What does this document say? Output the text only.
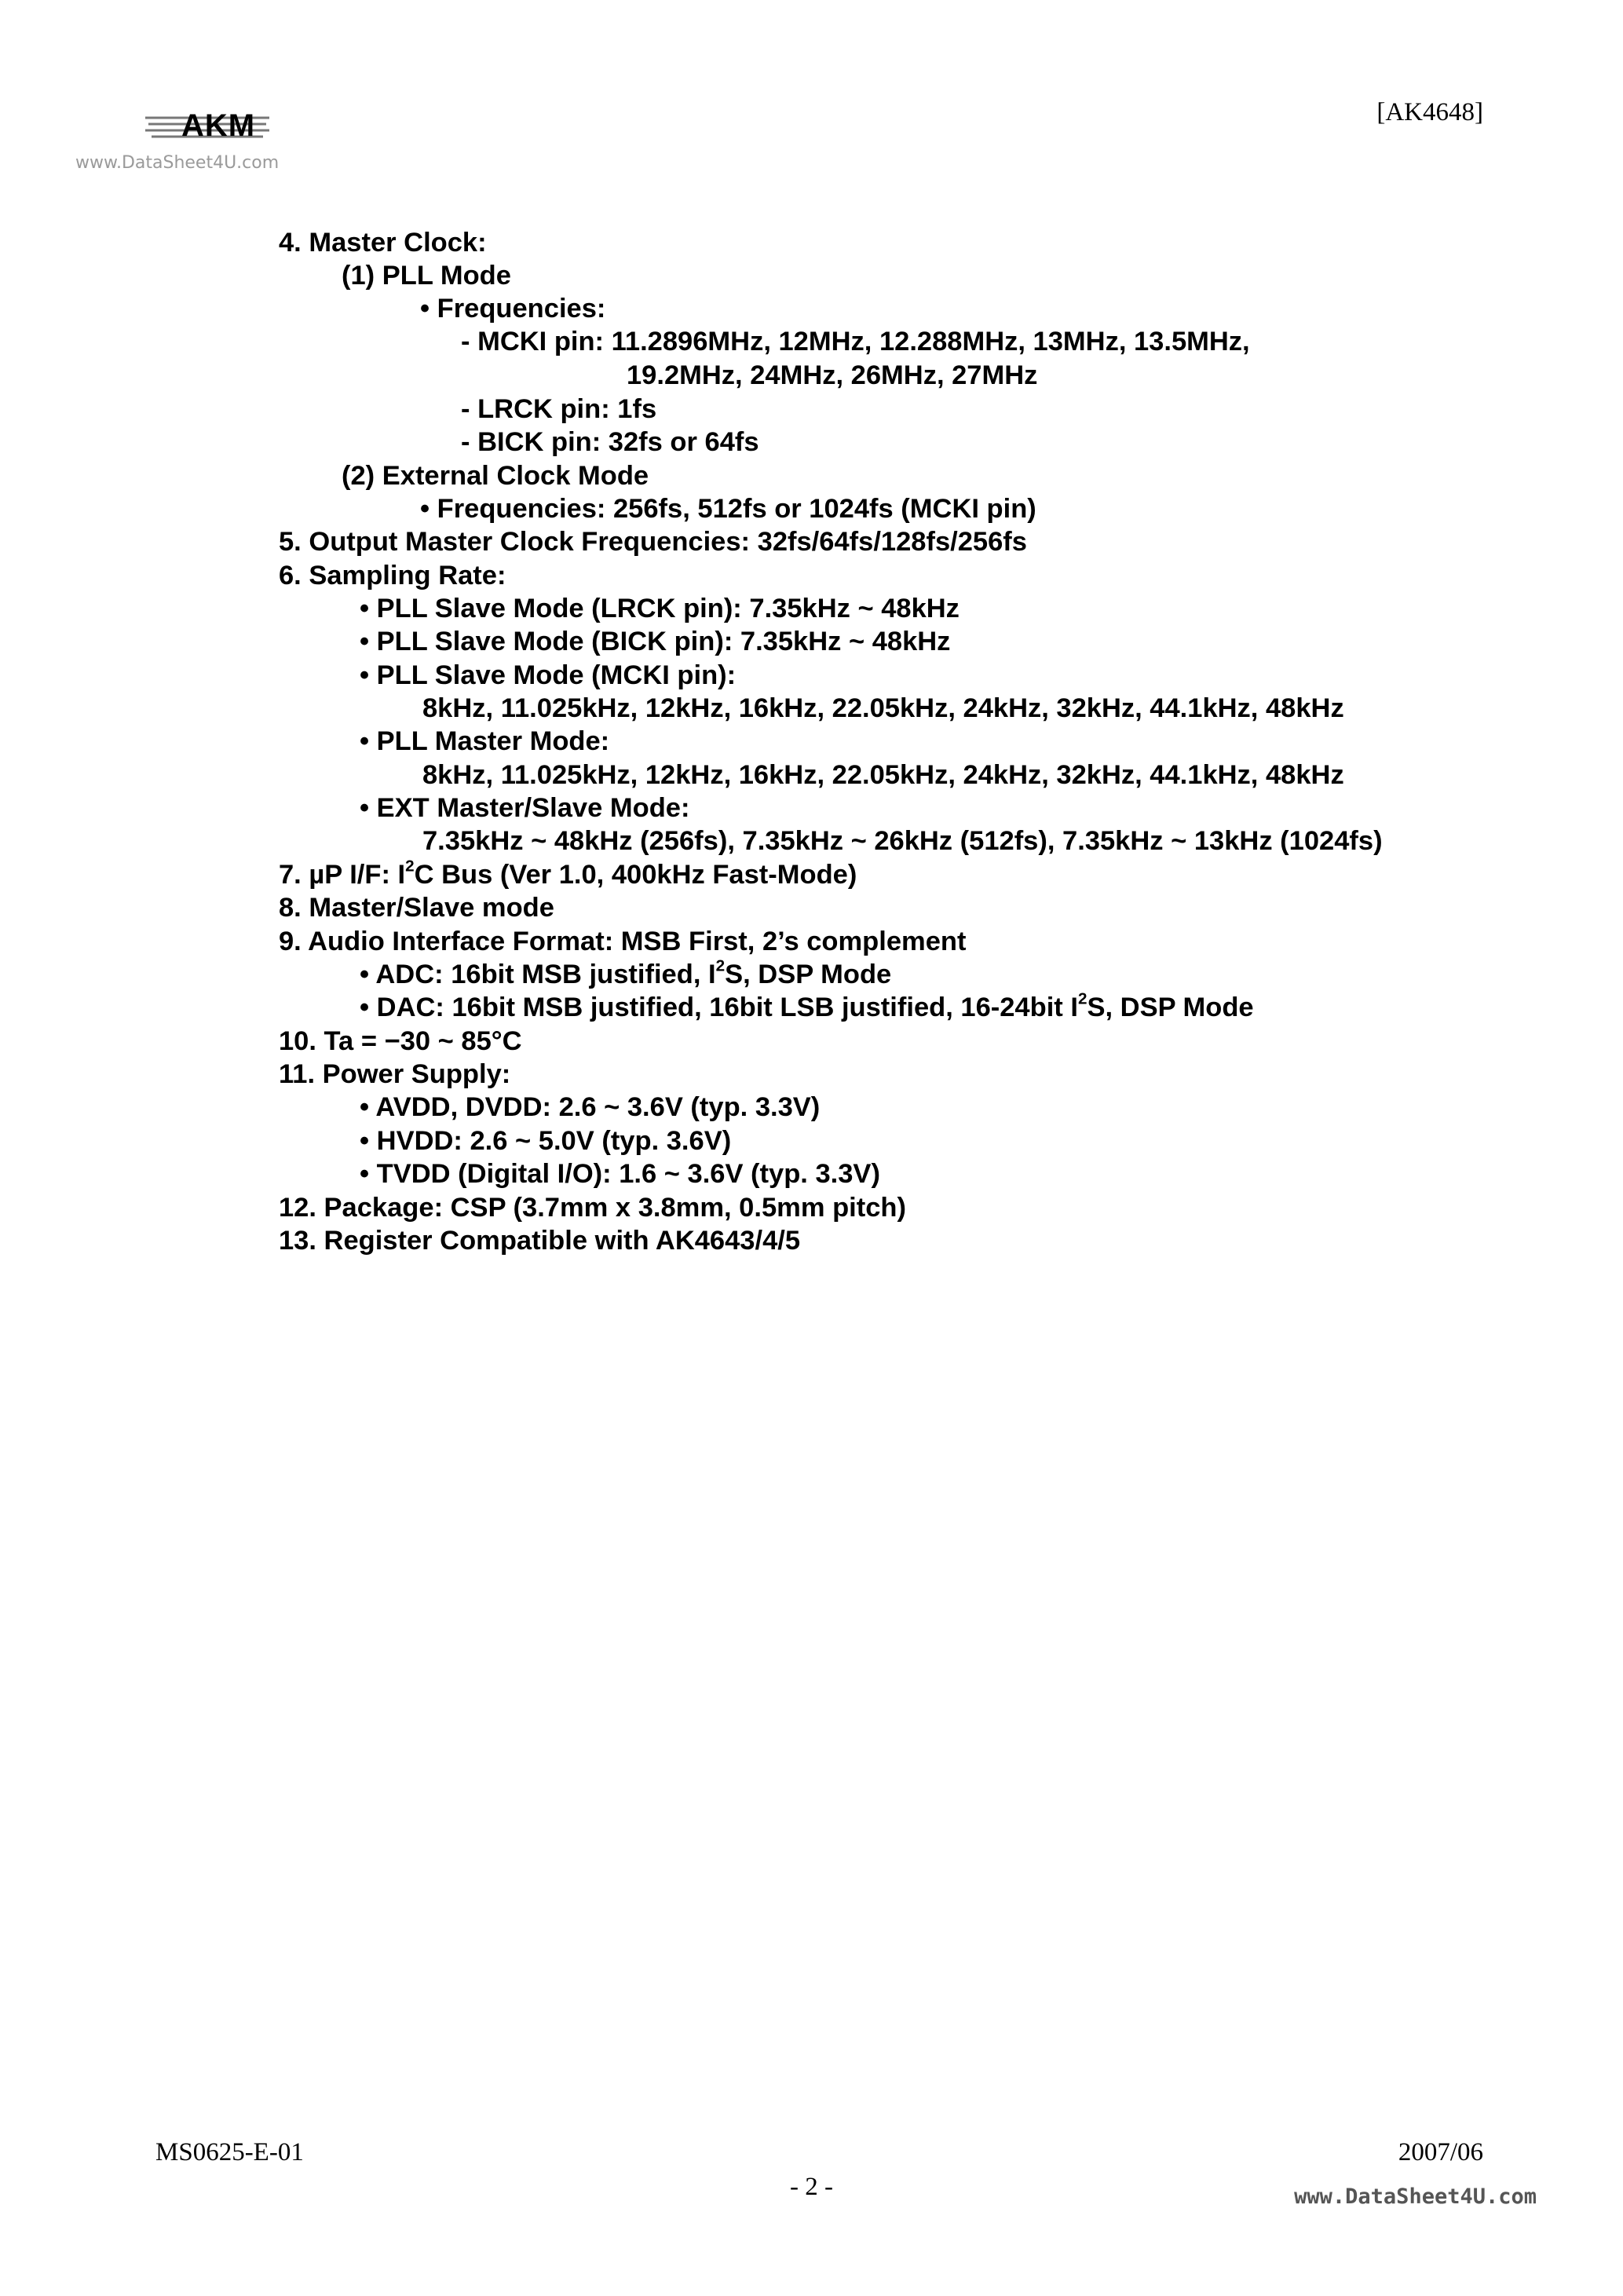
AKM
www.DataSheet4U.com
[AK4648]
4. Master Clock:
(1) PLL Mode
• Frequencies:
- MCKI pin: 11.2896MHz, 12MHz, 12.288MHz, 13MHz, 13.5MHz,
19.2MHz, 24MHz, 26MHz, 27MHz
- LRCK pin: 1fs
- BICK pin: 32fs or 64fs
(2) External Clock Mode
• Frequencies: 256fs, 512fs or 1024fs (MCKI pin)
5. Output Master Clock Frequencies: 32fs/64fs/128fs/256fs
6. Sampling Rate:
• PLL Slave Mode (LRCK pin): 7.35kHz ~ 48kHz
• PLL Slave Mode (BICK pin): 7.35kHz ~ 48kHz
• PLL Slave Mode (MCKI pin):
8kHz, 11.025kHz, 12kHz, 16kHz, 22.05kHz, 24kHz, 32kHz, 44.1kHz, 48kHz
• PLL Master Mode:
8kHz, 11.025kHz, 12kHz, 16kHz, 22.05kHz, 24kHz, 32kHz, 44.1kHz, 48kHz
• EXT Master/Slave Mode:
7.35kHz ~ 48kHz (256fs), 7.35kHz ~ 26kHz (512fs), 7.35kHz ~ 13kHz (1024fs)
7. µP I/F: $I^2C$ Bus (Ver 1.0, 400kHz Fast-Mode)
8. Master/Slave mode
9. Audio Interface Format: MSB First, 2’s complement
• ADC: 16bit MSB justified, $I^2S$, DSP Mode
• DAC: 16bit MSB justified, 16bit LSB justified, 16-24bit $I^2S$, DSP Mode
10. Ta = −30 ~ 85°C
11. Power Supply:
• AVDD, DVDD: 2.6 ~ 3.6V (typ. 3.3V)
• HVDD: 2.6 ~ 5.0V (typ. 3.6V)
• TVDD (Digital I/O): 1.6 ~ 3.6V (typ. 3.3V)
12. Package: CSP (3.7mm x 3.8mm, 0.5mm pitch)
13. Register Compatible with AK4643/4/5
MS0625-E-01	2007/06
- 2 -	www.DataSheet4U.com
